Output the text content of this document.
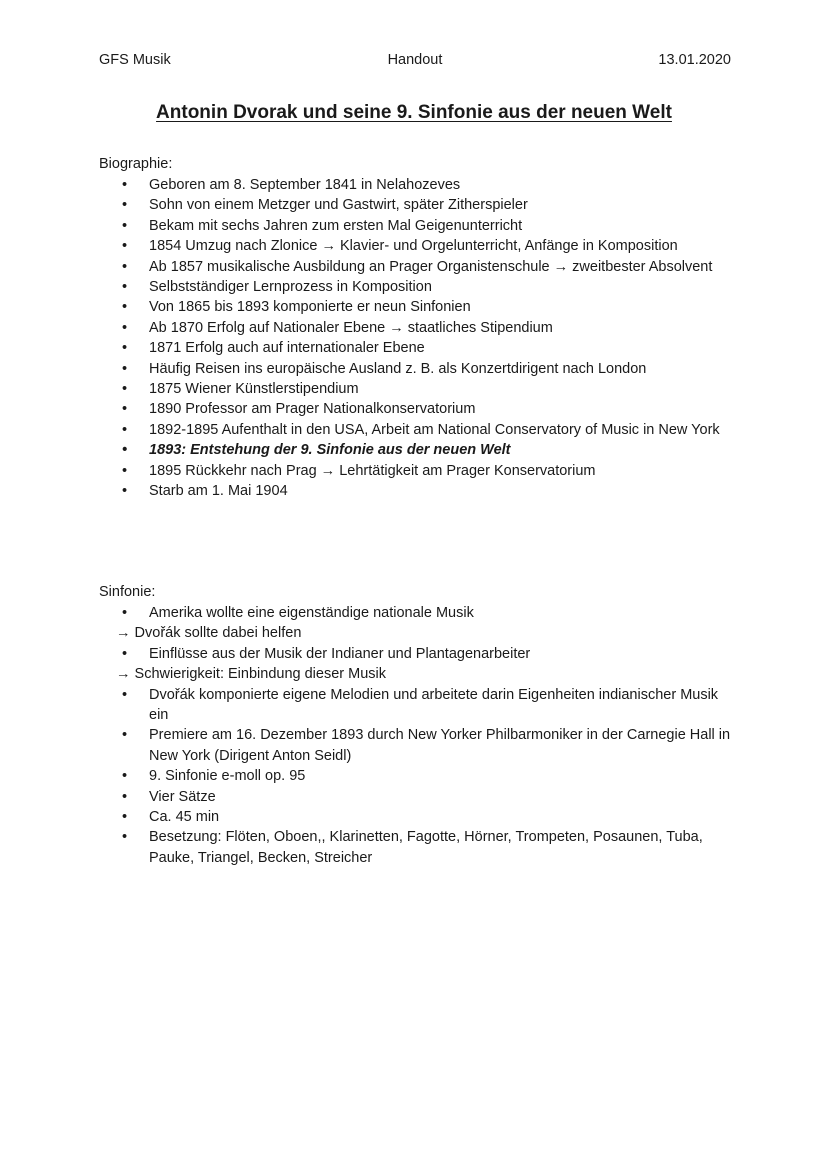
GFS Musik	Handout	13.01.2020
Antonin Dvorak und seine 9. Sinfonie aus der neuen Welt
Biographie:
• Geboren am 8. September 1841 in Nelahozeves
• Sohn von einem Metzger und Gastwirt, später Zitherspieler
• Bekam mit sechs Jahren zum ersten Mal Geigenunterricht
• 1854 Umzug nach Zlonice → Klavier- und Orgelunterricht, Anfänge in Komposition
• Ab 1857 musikalische Ausbildung an Prager Organistenschule → zweitbester Absolvent
• Selbstständiger Lernprozess in Komposition
• Von 1865 bis 1893 komponierte er neun Sinfonien
• Ab 1870 Erfolg auf Nationaler Ebene → staatliches Stipendium
• 1871 Erfolg auch auf internationaler Ebene
• Häufig Reisen ins europäische Ausland z. B. als Konzertdirigent nach London
• 1875 Wiener Künstlerstipendium
• 1890 Professor am Prager Nationalkonservatorium
• 1892-1895 Aufenthalt in den USA, Arbeit am National Conservatory of Music in New York
• 1893: Entstehung der 9. Sinfonie aus der neuen Welt
• 1895 Rückkehr nach Prag → Lehrtätigkeit am Prager Konservatorium
• Starb am 1. Mai 1904
Sinfonie:
• Amerika wollte eine eigenständige nationale Musik
→ Dvořák sollte dabei helfen
• Einflüsse aus der Musik der Indianer und Plantagenarbeiter
→ Schwierigkeit: Einbindung dieser Musik
• Dvořák komponierte eigene Melodien und arbeitete darin Eigenheiten indianischer Musik ein
• Premiere am 16. Dezember 1893 durch New Yorker Philbarmoniker in der Carnegie Hall in New York (Dirigent Anton Seidl)
• 9. Sinfonie e-moll op. 95
• Vier Sätze
• Ca. 45 min
• Besetzung: Flöten, Oboen,, Klarinetten, Fagotte, Hörner, Trompeten, Posaunen, Tuba, Pauke, Triangel, Becken, Streicher
